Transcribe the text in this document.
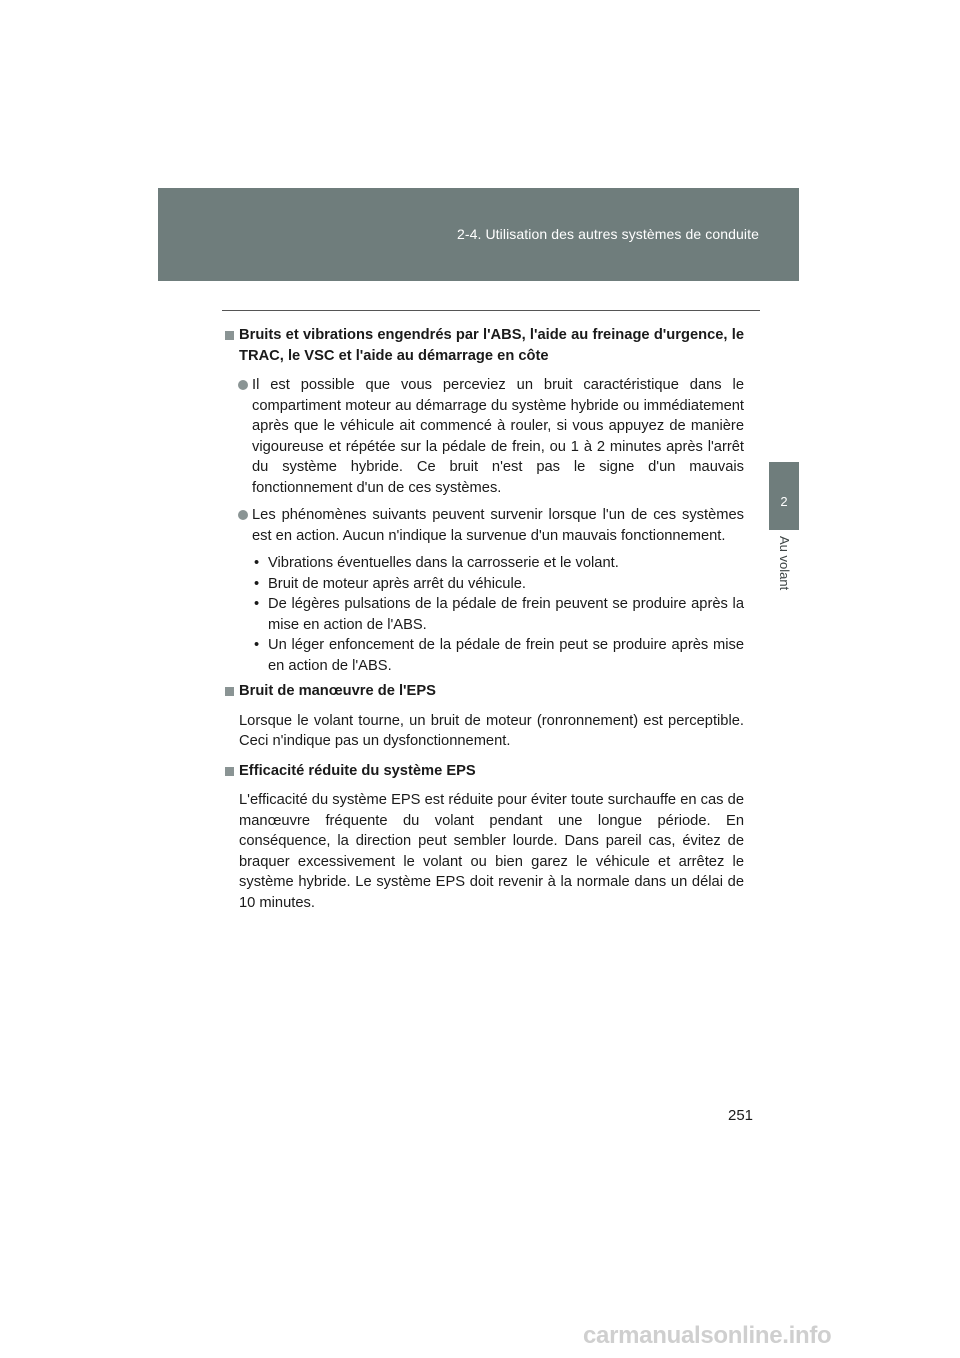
2-4. Utilisation des autres systèmes de conduite
2
Au volant
Bruits et vibrations engendrés par l'ABS, l'aide au freinage d'urgence, le TRAC, le VSC et l'aide au démarrage en côte
Il est possible que vous perceviez un bruit caractéristique dans le compartiment moteur au démarrage du système hybride ou immédiatement après que le véhicule ait commencé à rouler, si vous appuyez de manière vigoureuse et répétée sur la pédale de frein, ou 1 à 2 minutes après l'arrêt du système hybride. Ce bruit n'est pas le signe d'un mauvais fonctionnement d'un de ces systèmes.
Les phénomènes suivants peuvent survenir lorsque l'un de ces systèmes est en action. Aucun n'indique la survenue d'un mauvais fonctionnement.
• Vibrations éventuelles dans la carrosserie et le volant.
• Bruit de moteur après arrêt du véhicule.
• De légères pulsations de la pédale de frein peuvent se produire après la mise en action de l'ABS.
• Un léger enfoncement de la pédale de frein peut se produire après mise en action de l'ABS.
Bruit de manœuvre de l'EPS
Lorsque le volant tourne, un bruit de moteur (ronronnement) est perceptible. Ceci n'indique pas un dysfonctionnement.
Efficacité réduite du système EPS
L'efficacité du système EPS est réduite pour éviter toute surchauffe en cas de manœuvre fréquente du volant pendant une longue période. En conséquence, la direction peut sembler lourde. Dans pareil cas, évitez de braquer excessivement le volant ou bien garez le véhicule et arrêtez le système hybride. Le système EPS doit revenir à la normale dans un délai de 10 minutes.
251
carmanualsonline.info
